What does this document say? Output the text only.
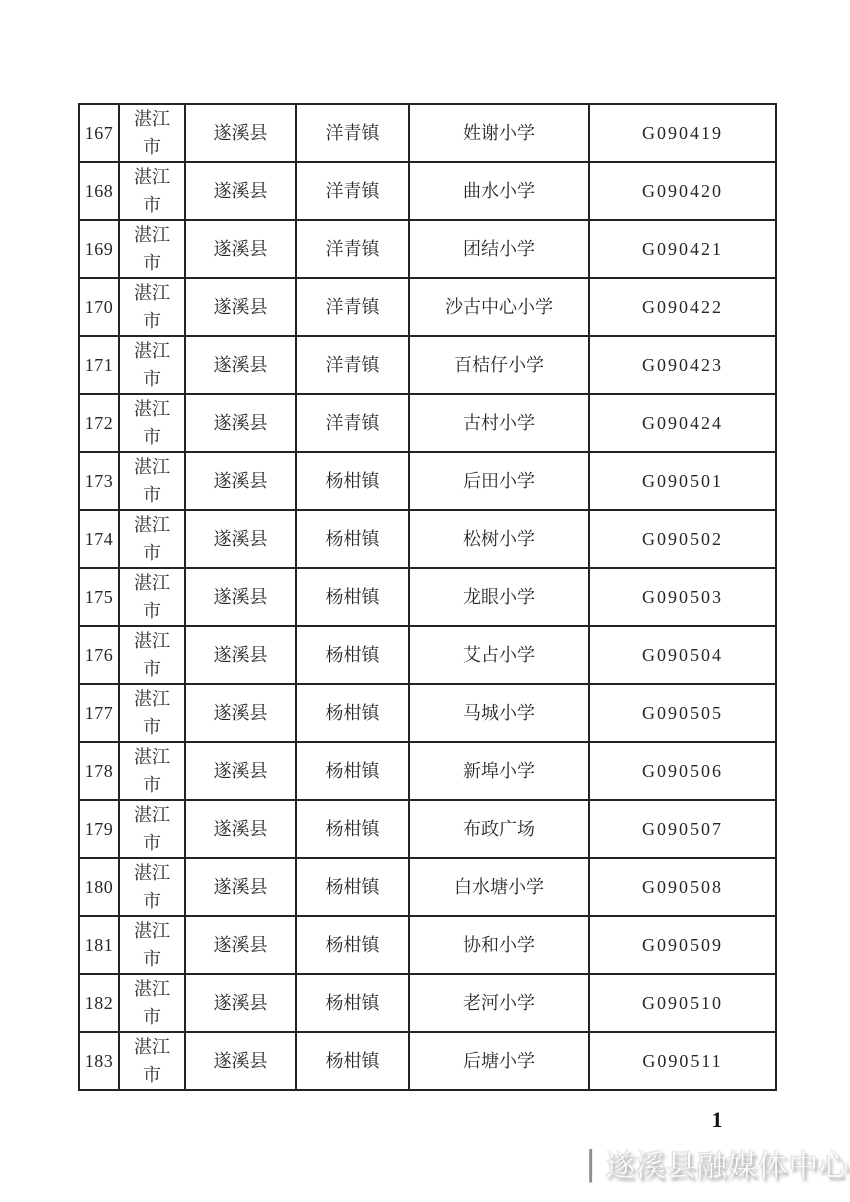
167	湛江市	遂溪县	洋青镇	姓谢小学	G090419
168	湛江市	遂溪县	洋青镇	曲水小学	G090420
169	湛江市	遂溪县	洋青镇	团结小学	G090421
170	湛江市	遂溪县	洋青镇	沙古中心小学	G090422
171	湛江市	遂溪县	洋青镇	百桔仔小学	G090423
172	湛江市	遂溪县	洋青镇	古村小学	G090424
173	湛江市	遂溪县	杨柑镇	后田小学	G090501
174	湛江市	遂溪县	杨柑镇	松树小学	G090502
175	湛江市	遂溪县	杨柑镇	龙眼小学	G090503
176	湛江市	遂溪县	杨柑镇	艾占小学	G090504
177	湛江市	遂溪县	杨柑镇	马城小学	G090505
178	湛江市	遂溪县	杨柑镇	新埠小学	G090506
179	湛江市	遂溪县	杨柑镇	布政广场	G090507
180	湛江市	遂溪县	杨柑镇	白水塘小学	G090508
181	湛江市	遂溪县	杨柑镇	协和小学	G090509
182	湛江市	遂溪县	杨柑镇	老河小学	G090510
183	湛江市	遂溪县	杨柑镇	后塘小学	G090511
1
| 遂溪县融媒体中心
